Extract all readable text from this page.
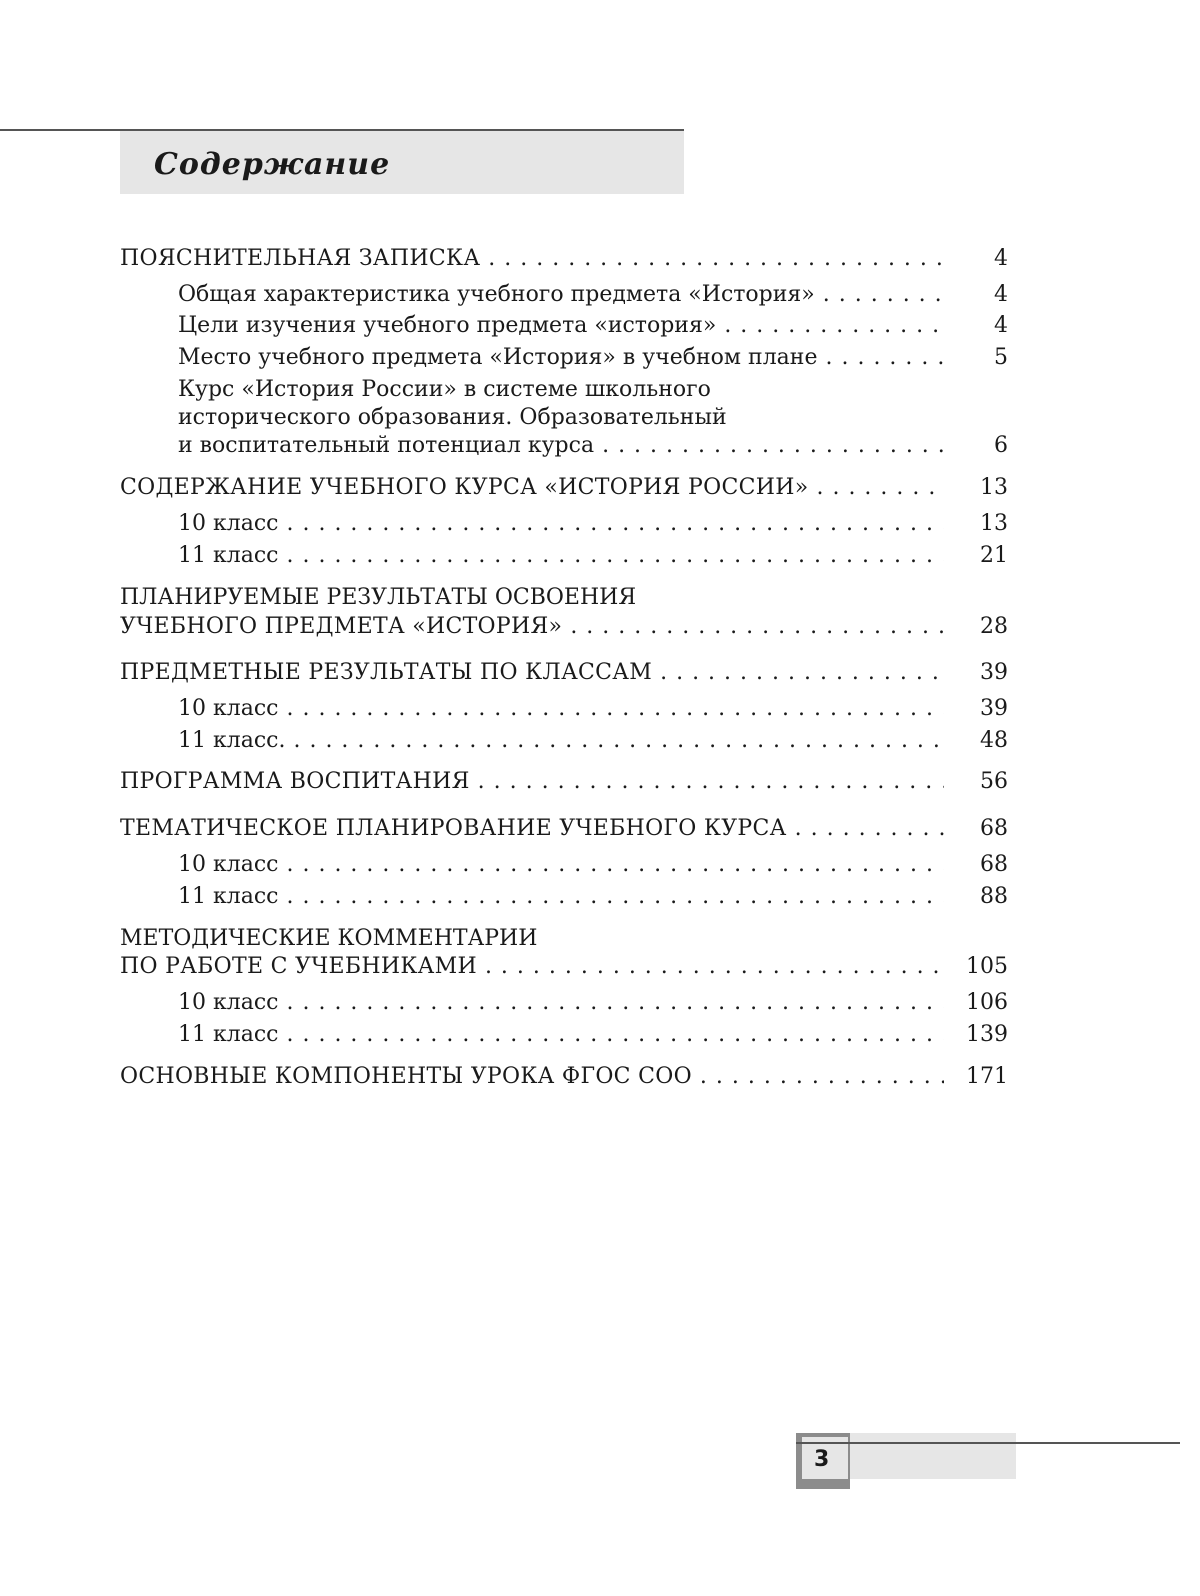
Содержание
ПОЯСНИТЕЛЬНАЯ ЗАПИСКА . . .	4
Общая характеристика учебного предмета «История» . . .	4
Цели изучения учебного предмета «история» . . .	4
Место учебного предмета «История» в учебном плане . . .	5
Курс «История России» в системе школьного
исторического образования. Образовательный
и воспитательный потенциал курса . . .	6
СОДЕРЖАНИЕ УЧЕБНОГО КУРСА «ИСТОРИЯ РОССИИ» . . .	13
10 класс . . .	13
11 класс . . .	21
ПЛАНИРУЕМЫЕ РЕЗУЛЬТАТЫ ОСВОЕНИЯ
УЧЕБНОГО ПРЕДМЕТА «ИСТОРИЯ» . . .	28
ПРЕДМЕТНЫЕ РЕЗУЛЬТАТЫ ПО КЛАССАМ . . .	39
10 класс . . .	39
11 класс. . . .	48
ПРОГРАММА ВОСПИТАНИЯ . . .	56
ТЕМАТИЧЕСКОЕ ПЛАНИРОВАНИЕ УЧЕБНОГО КУРСА . . .	68
10 класс . . .	68
11 класс . . .	88
МЕТОДИЧЕСКИЕ КОММЕНТАРИИ
ПО РАБОТЕ С УЧЕБНИКАМИ . . .	105
10 класс . . .	106
11 класс . . .	139
ОСНОВНЫЕ КОМПОНЕНТЫ УРОКА ФГОС СОО . . .	171
3
